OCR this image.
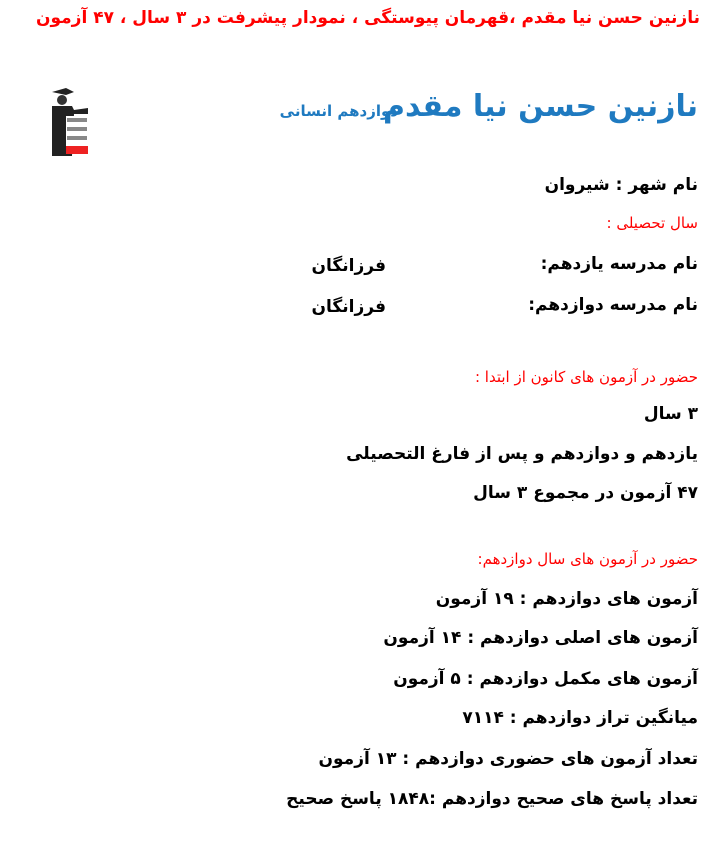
نازنین حسن نیا مقدم ،قهرمان پیوستگی ، نمودار پیشرفت در ۳ سال ، ۴۷ آزمون
نازنین حسن نیا مقدم
دوازدهم انسانی
نام شهر : شیروان
سال تحصیلی :
نام مدرسه یازدهم:
فرزانگان
نام مدرسه دوازدهم:
فرزانگان
حضور در آزمون های کانون از ابتدا :
۳ سال
یازدهم و دوازدهم و پس از فارغ التحصیلی
۴۷ آزمون در مجموع ۳ سال
حضور در آزمون های سال دوازدهم:
آزمون های دوازدهم : ۱۹ آزمون
آزمون های اصلی دوازدهم : ۱۴ آزمون
آزمون های مکمل دوازدهم : ۵ آزمون
میانگین تراز دوازدهم : ۷۱۱۴
تعداد آزمون های حضوری دوازدهم : ۱۳ آزمون
تعداد پاسخ های صحیح دوازدهم :۱۸۴۸ پاسخ صحیح
